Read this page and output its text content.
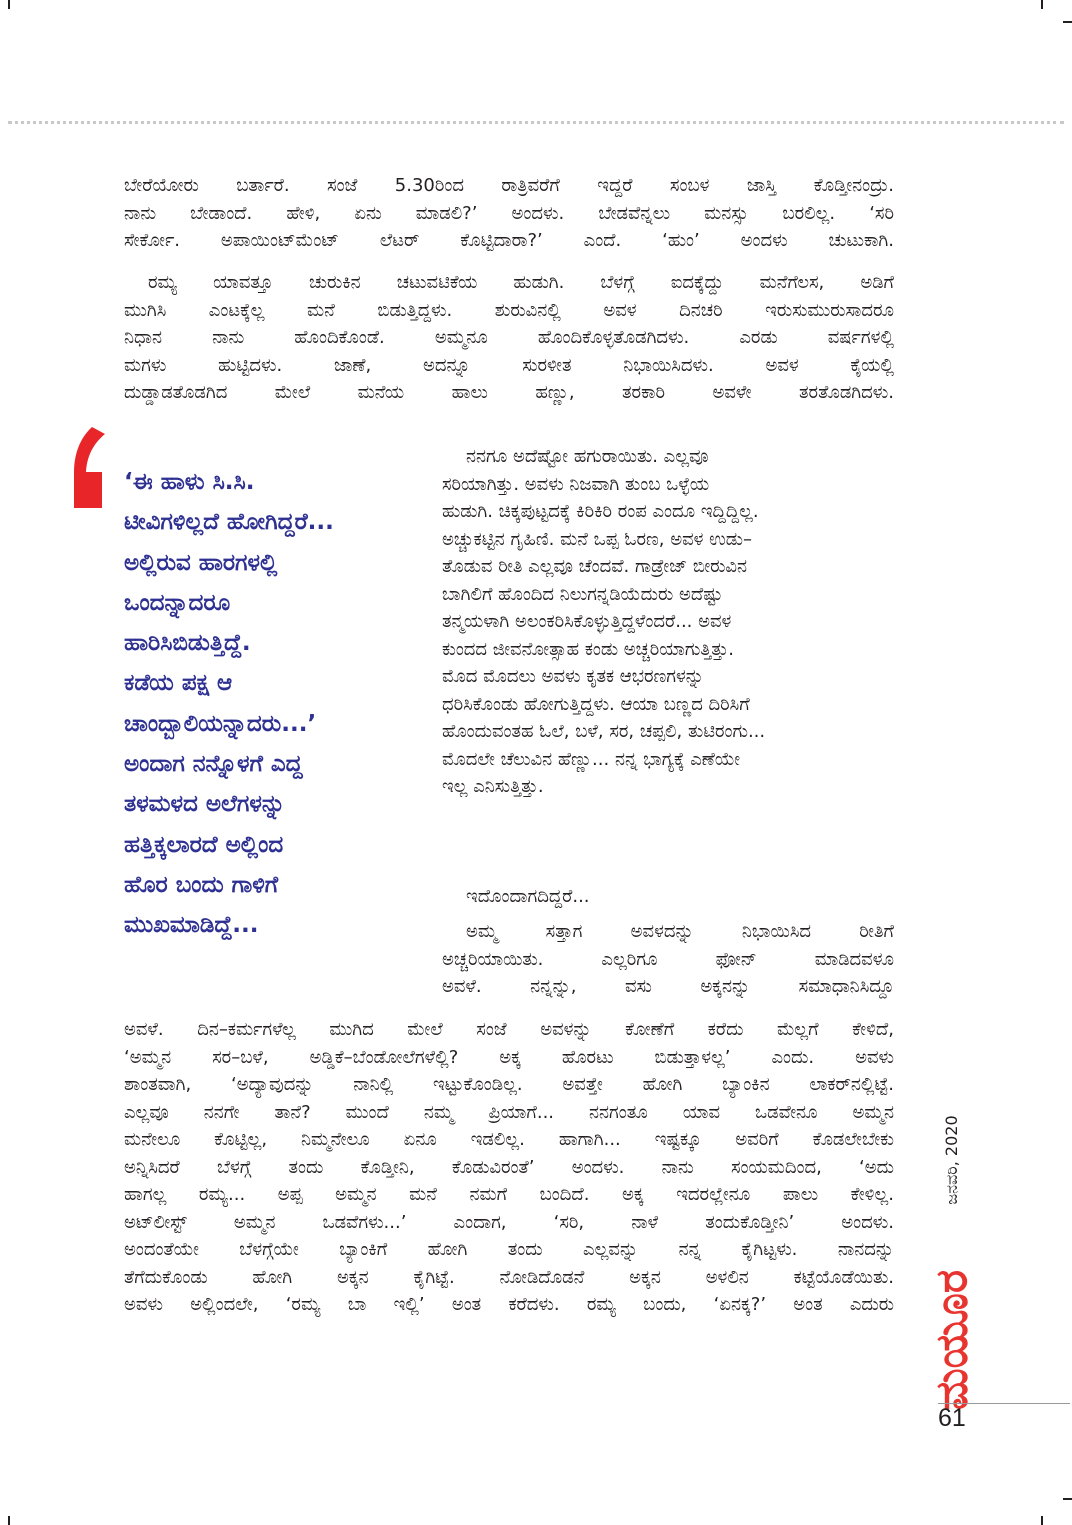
ಬೇರೆಯೋರು ಬರ್ತಾರೆ. ಸಂಜೆ 5.30ರಿಂದ ರಾತ್ರಿವರೆಗೆ ಇದ್ದರೆ ಸಂಬಳ ಜಾಸ್ತಿ ಕೊಡ್ತೀನಂದ್ರು.
ನಾನು ಬೇಡಾಂದೆ. ಹೇಳಿ, ಏನು ಮಾಡಲಿ?’ ಅಂದಳು. ಬೇಡವೆನ್ನಲು ಮನಸ್ಸು ಬರಲಿಲ್ಲ. ‘ಸರಿ
ಸೇರ್ಕೋ. ಅಪಾಯಿಂಟ್‌ಮೆಂಟ್ ಲೆಟರ್ ಕೊಟ್ಟಿದಾರಾ?’ ಎಂದೆ. ‘ಹುಂ’ ಅಂದಳು ಚುಟುಕಾಗಿ.

ರಮ್ಯ ಯಾವತ್ತೂ ಚುರುಕಿನ ಚಟುವಟಿಕೆಯ ಹುಡುಗಿ. ಬೆಳಗ್ಗೆ ಐದಕ್ಕೆದ್ದು ಮನೆಗೆಲಸ, ಅಡಿಗೆ
ಮುಗಿಸಿ ಎಂಟಕ್ಕೆಲ್ಲ ಮನೆ ಬಿಡುತ್ತಿದ್ದಳು. ಶುರುವಿನಲ್ಲಿ ಅವಳ ದಿನಚರಿ ಇರುಸುಮುರುಸಾದರೂ
ನಿಧಾನ ನಾನು ಹೊಂದಿಕೊಂಡೆ. ಅಮ್ಮನೂ ಹೊಂದಿಕೊಳ್ಳತೊಡಗಿದಳು. ಎರಡು ವರ್ಷಗಳಲ್ಲಿ
ಮಗಳು ಹುಟ್ಟಿದಳು. ಜಾಣೆ, ಅದನ್ನೂ ಸುರಳೀತ ನಿಭಾಯಿಸಿದಳು. ಅವಳ ಕೈಯಲ್ಲಿ
ದುಡ್ಡಾಡತೊಡಗಿದ ಮೇಲೆ ಮನೆಯ ಹಾಲು ಹಣ್ಣು, ತರಕಾರಿ ಅವಳೇ ತರತೊಡಗಿದಳು.

‘ಈ ಹಾಳು ಸಿ.ಸಿ.
ಟೀವಿಗಳಿಲ್ಲದೆ ಹೋಗಿದ್ದರೆ...
ಅಲ್ಲಿರುವ ಹಾರಗಳಲ್ಲಿ
ಒಂದನ್ನಾದರೂ
ಹಾರಿಸಿಬಿಡುತ್ತಿದ್ದೆ.
ಕಡೆಯ ಪಕ್ಷ ಆ
ಚಾಂದ್ಬಾಲಿಯನ್ನಾದರು...’
ಅಂದಾಗ ನನ್ನೊಳಗೆ ಎದ್ದ
ತಳಮಳದ ಅಲೆಗಳನ್ನು
ಹತ್ತಿಕ್ಕಲಾರದೆ ಅಲ್ಲಿಂದ
ಹೊರ ಬಂದು ಗಾಳಿಗೆ
ಮುಖಮಾಡಿದ್ದೆ...

ನನಗೂ ಅದೆಷ್ಟೋ ಹಗುರಾಯಿತು. ಎಲ್ಲವೂ
ಸರಿಯಾಗಿತ್ತು. ಅವಳು ನಿಜವಾಗಿ ತುಂಬ ಒಳ್ಳೆಯ
ಹುಡುಗಿ. ಚಿಕ್ಕಪುಟ್ಟದಕ್ಕೆ ಕಿರಿಕಿರಿ ರಂಪ ಎಂದೂ ಇದ್ದಿದ್ದಿಲ್ಲ.
ಅಚ್ಚುಕಟ್ಟಿನ ಗೃಹಿಣಿ. ಮನೆ ಒಪ್ಪ ಓರಣ, ಅವಳ ಉಡು–
ತೊಡುವ ರೀತಿ ಎಲ್ಲವೂ ಚೆಂದವೆ. ಗಾಡ್ರೇಜ್ ಬೀರುವಿನ
ಬಾಗಿಲಿಗೆ ಹೊಂದಿದ ನಿಲುಗನ್ನಡಿಯೆದುರು ಅದೆಷ್ಟು
ತನ್ಮಯಳಾಗಿ ಅಲಂಕರಿಸಿಕೊಳ್ಳುತ್ತಿದ್ದಳೆಂದರೆ... ಅವಳ
ಕುಂದದ ಜೀವನೋತ್ಸಾಹ ಕಂಡು ಅಚ್ಚರಿಯಾಗುತ್ತಿತ್ತು.
ಮೊದ ಮೊದಲು ಅವಳು ಕೃತಕ ಆಭರಣಗಳನ್ನು
ಧರಿಸಿಕೊಂಡು ಹೋಗುತ್ತಿದ್ದಳು. ಆಯಾ ಬಣ್ಣದ ದಿರಿಸಿಗೆ
ಹೊಂದುವಂತಹ ಓಲೆ, ಬಳೆ, ಸರ, ಚಪ್ಪಲಿ, ತುಟಿರಂಗು...
ಮೊದಲೇ ಚೆಲುವಿನ ಹೆಣ್ಣು... ನನ್ನ ಭಾಗ್ಯಕ್ಕೆ ಎಣೆಯೇ
ಇಲ್ಲ ಎನಿಸುತ್ತಿತ್ತು.

ಇದೊಂದಾಗದಿದ್ದರೆ...

ಅಮ್ಮ ಸತ್ತಾಗ ಅವಳದನ್ನು ನಿಭಾಯಿಸಿದ ರೀತಿಗೆ
ಅಚ್ಚರಿಯಾಯಿತು. ಎಲ್ಲರಿಗೂ ಫೋನ್ ಮಾಡಿದವಳೂ
ಅವಳೆ. ನನ್ನನ್ನು, ವಸು ಅಕ್ಕನನ್ನು ಸಮಾಧಾನಿಸಿದ್ದೂ

ಅವಳೆ. ದಿನ–ಕರ್ಮಗಳೆಲ್ಲ ಮುಗಿದ ಮೇಲೆ ಸಂಜೆ ಅವಳನ್ನು ಕೋಣೆಗೆ ಕರೆದು ಮೆಲ್ಲಗೆ ಕೇಳಿದೆ,
‘ಅಮ್ಮನ ಸರ–ಬಳೆ, ಅಡ್ಡಿಕೆ–ಬೆಂಡೋಲೆಗಳೆಲ್ಲಿ? ಅಕ್ಕ ಹೊರಟು ಬಿಡುತ್ತಾಳಲ್ಲ’ ಎಂದು. ಅವಳು
ಶಾಂತವಾಗಿ, ‘ಅದ್ಯಾವುದನ್ನು ನಾನಿಲ್ಲಿ ಇಟ್ಟುಕೊಂಡಿಲ್ಲ. ಅವತ್ತೇ ಹೋಗಿ ಬ್ಯಾಂಕಿನ ಲಾಕರ್‌ನಲ್ಲಿಟ್ಟೆ.
ಎಲ್ಲವೂ ನನಗೇ ತಾನೆ? ಮುಂದೆ ನಮ್ಮ ಪ್ರಿಯಾಗೆ... ನನಗಂತೂ ಯಾವ ಒಡವೇನೂ ಅಮ್ಮನ
ಮನೇಲೂ ಕೊಟ್ಟಿಲ್ಲ, ನಿಮ್ಮನೇಲೂ ಏನೂ ಇಡಲಿಲ್ಲ. ಹಾಗಾಗಿ... ಇಷ್ಟಕ್ಕೂ ಅವರಿಗೆ ಕೊಡಲೇಬೇಕು
ಅನ್ನಿಸಿದರೆ ಬೆಳಗ್ಗೆ ತಂದು ಕೊಡ್ತೀನಿ, ಕೊಡುವಿರಂತೆ’ ಅಂದಳು. ನಾನು ಸಂಯಮದಿಂದ, ‘ಅದು
ಹಾಗಲ್ಲ ರಮ್ಯ... ಅಪ್ಪ ಅಮ್ಮನ ಮನೆ ನಮಗೆ ಬಂದಿದೆ. ಅಕ್ಕ ಇದರಲ್ಲೇನೂ ಪಾಲು ಕೇಳಿಲ್ಲ.
ಅಟ್‌ಲೀಸ್ಟ್ ಅಮ್ಮನ ಒಡವೆಗಳು...’ ಎಂದಾಗ, ‘ಸರಿ, ನಾಳೆ ತಂದುಕೊಡ್ತೀನಿ’ ಅಂದಳು.
ಅಂದಂತೆಯೇ ಬೆಳಗ್ಗೆಯೇ ಬ್ಯಾಂಕಿಗೆ ಹೋಗಿ ತಂದು ಎಲ್ಲವನ್ನು ನನ್ನ ಕೈಗಿಟ್ಟಳು. ನಾನದನ್ನು
ತೆಗೆದುಕೊಂಡು ಹೋಗಿ ಅಕ್ಕನ ಕೈಗಿಟ್ಟೆ. ನೋಡಿದೊಡನೆ ಅಕ್ಕನ ಅಳಲಿನ ಕಟ್ಟೆಯೊಡೆಯಿತು.
ಅವಳು ಅಲ್ಲಿಂದಲೇ, ‘ರಮ್ಯ ಬಾ ಇಲ್ಲಿ’ ಅಂತ ಕರೆದಳು. ರಮ್ಯ ಬಂದು, ‘ಏನಕ್ಕ?’ ಅಂತ ಎದುರು

ಜನವರಿ, 2020
ಮಯೂರ
61
